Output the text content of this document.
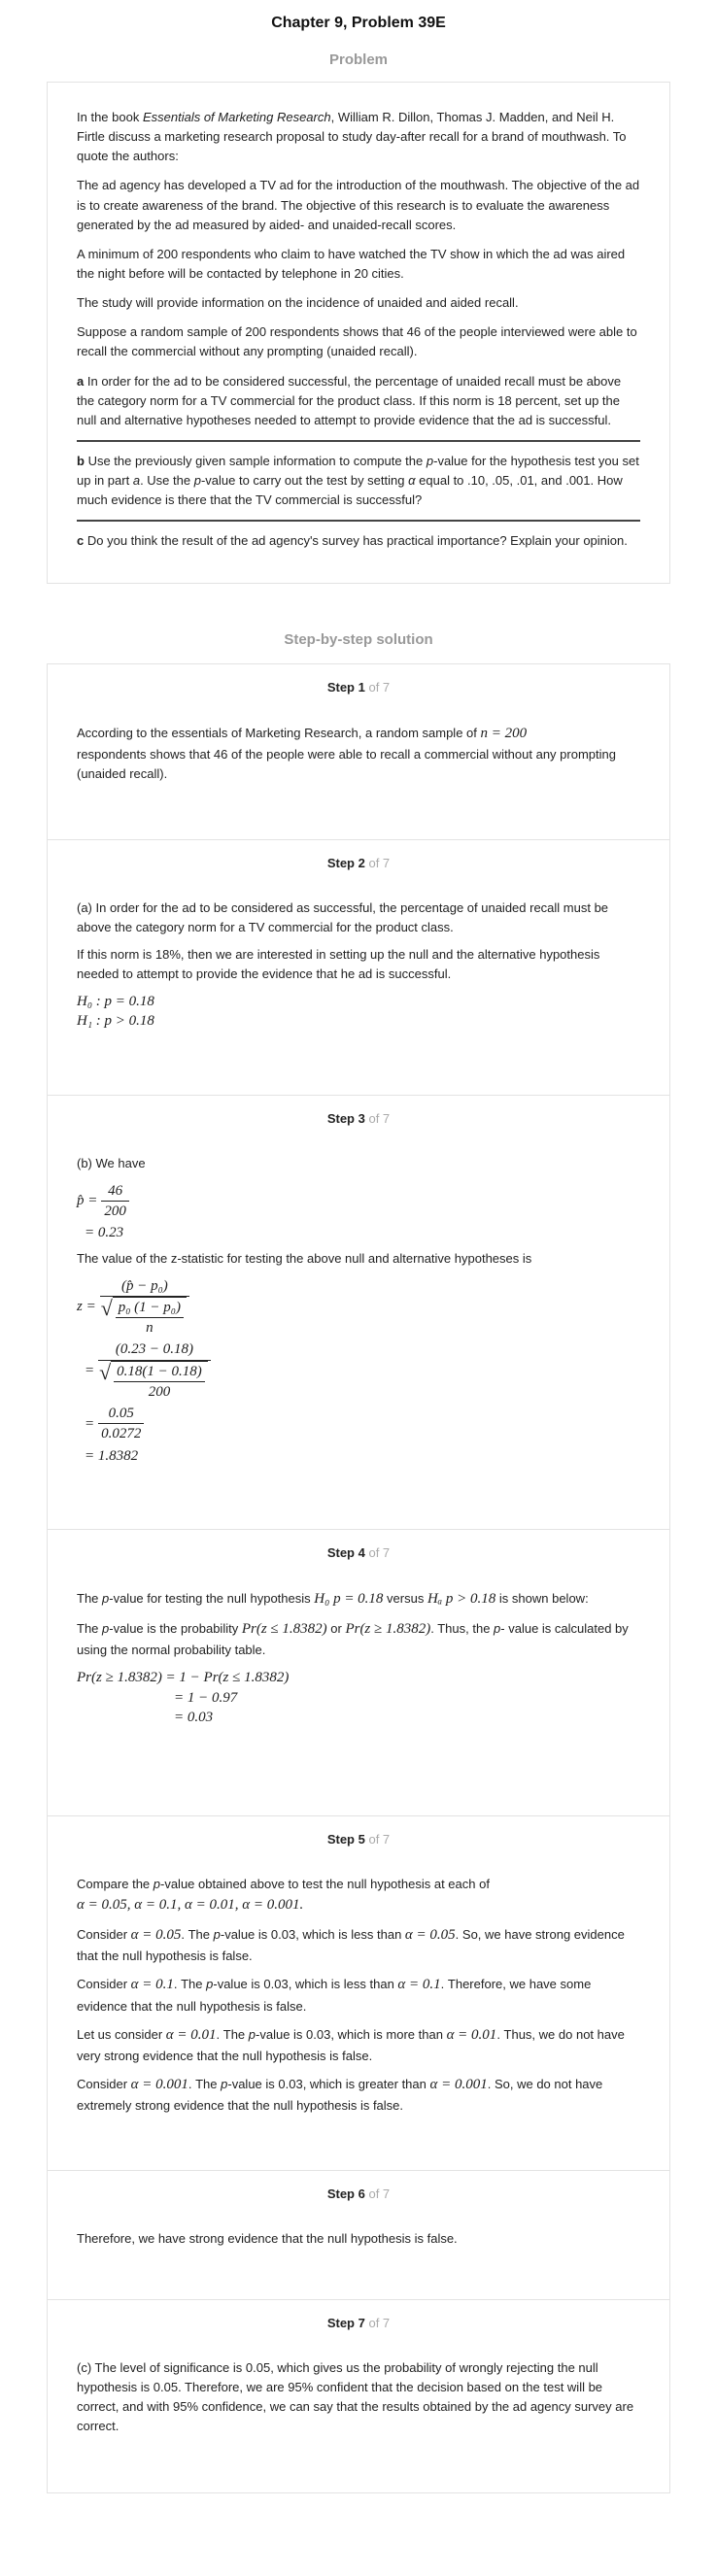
Chapter 9, Problem 39E
Problem

In the book Essentials of Marketing Research, William R. Dillon, Thomas J. Madden, and Neil H. Firtle discuss a marketing research proposal to study day-after recall for a brand of mouthwash. To quote the authors:

The ad agency has developed a TV ad for the introduction of the mouthwash. The objective of the ad is to create awareness of the brand. The objective of this research is to evaluate the awareness generated by the ad measured by aided- and unaided-recall scores.

A minimum of 200 respondents who claim to have watched the TV show in which the ad was aired the night before will be contacted by telephone in 20 cities.

The study will provide information on the incidence of unaided and aided recall.

Suppose a random sample of 200 respondents shows that 46 of the people interviewed were able to recall the commercial without any prompting (unaided recall).

a In order for the ad to be considered successful, the percentage of unaided recall must be above the category norm for a TV commercial for the product class. If this norm is 18 percent, set up the null and alternative hypotheses needed to attempt to provide evidence that the ad is successful.

b Use the previously given sample information to compute the p-value for the hypothesis test you set up in part a. Use the p-value to carry out the test by setting α equal to .10, .05, .01, and .001. How much evidence is there that the TV commercial is successful?

c Do you think the result of the ad agency's survey has practical importance? Explain your opinion.

Step-by-step solution
Step 1 of 7

According to the essentials of Marketing Research, a random sample of n = 200
respondents shows that 46 of the people were able to recall a commercial without any prompting (unaided recall).

Step 2 of 7

(a) In order for the ad to be considered as successful, the percentage of unaided recall must be above the category norm for a TV commercial for the product class.

If this norm is 18%, then we are interested in setting up the null and the alternative hypothesis needed to attempt to provide the evidence that he ad is successful.

H₀ : p = 0.18
H₁ : p > 0.18
Step 3 of 7

(b) We have

p̂ = $\frac{46}{200}$
= 0.23

The value of the z-statistic for testing the above null and alternative hypotheses is

z = (p̂ − p₀)
√ $\frac{\text{p₀ (1 − p₀)}}{n}$
= (0.23 − 0.18)
√ $\frac{0.18(1 - 0.18)}{200}$
= $\frac{0.05}{0.0272}$
= 1.8382
Step 4 of 7

The p-value for testing the null hypothesis H₀ p = 0.18 versus Hₐ p > 0.18 is shown below:

The p-value is the probability Pr(z ≤ 1.8382) or Pr(z ≥ 1.8382). Thus, the p- value is calculated by using the normal probability table.

Pr(z ≥ 1.8382) = 1 − Pr(z ≤ 1.8382)
= 1 − 0.97
= 0.03
Step 5 of 7

Compare the p-value obtained above to test the null hypothesis at each of
α = 0.05, α = 0.1, α = 0.01, α = 0.001.

Consider α = 0.05. The p-value is 0.03, which is less than α = 0.05. So, we have strong evidence that the null hypothesis is false.

Consider α = 0.1. The p-value is 0.03, which is less than α = 0.1. Therefore, we have some evidence that the null hypothesis is false.

Let us consider α = 0.01. The p-value is 0.03, which is more than α = 0.01. Thus, we do not have very strong evidence that the null hypothesis is false.

Consider α = 0.001. The p-value is 0.03, which is greater than α = 0.001. So, we do not have extremely strong evidence that the null hypothesis is false.

Step 6 of 7

Therefore, we have strong evidence that the null hypothesis is false.

Step 7 of 7

(c) The level of significance is 0.05, which gives us the probability of wrongly rejecting the null hypothesis is 0.05. Therefore, we are 95% confident that the decision based on the test will be correct, and with 95% confidence, we can say that the results obtained by the ad agency survey are correct.
